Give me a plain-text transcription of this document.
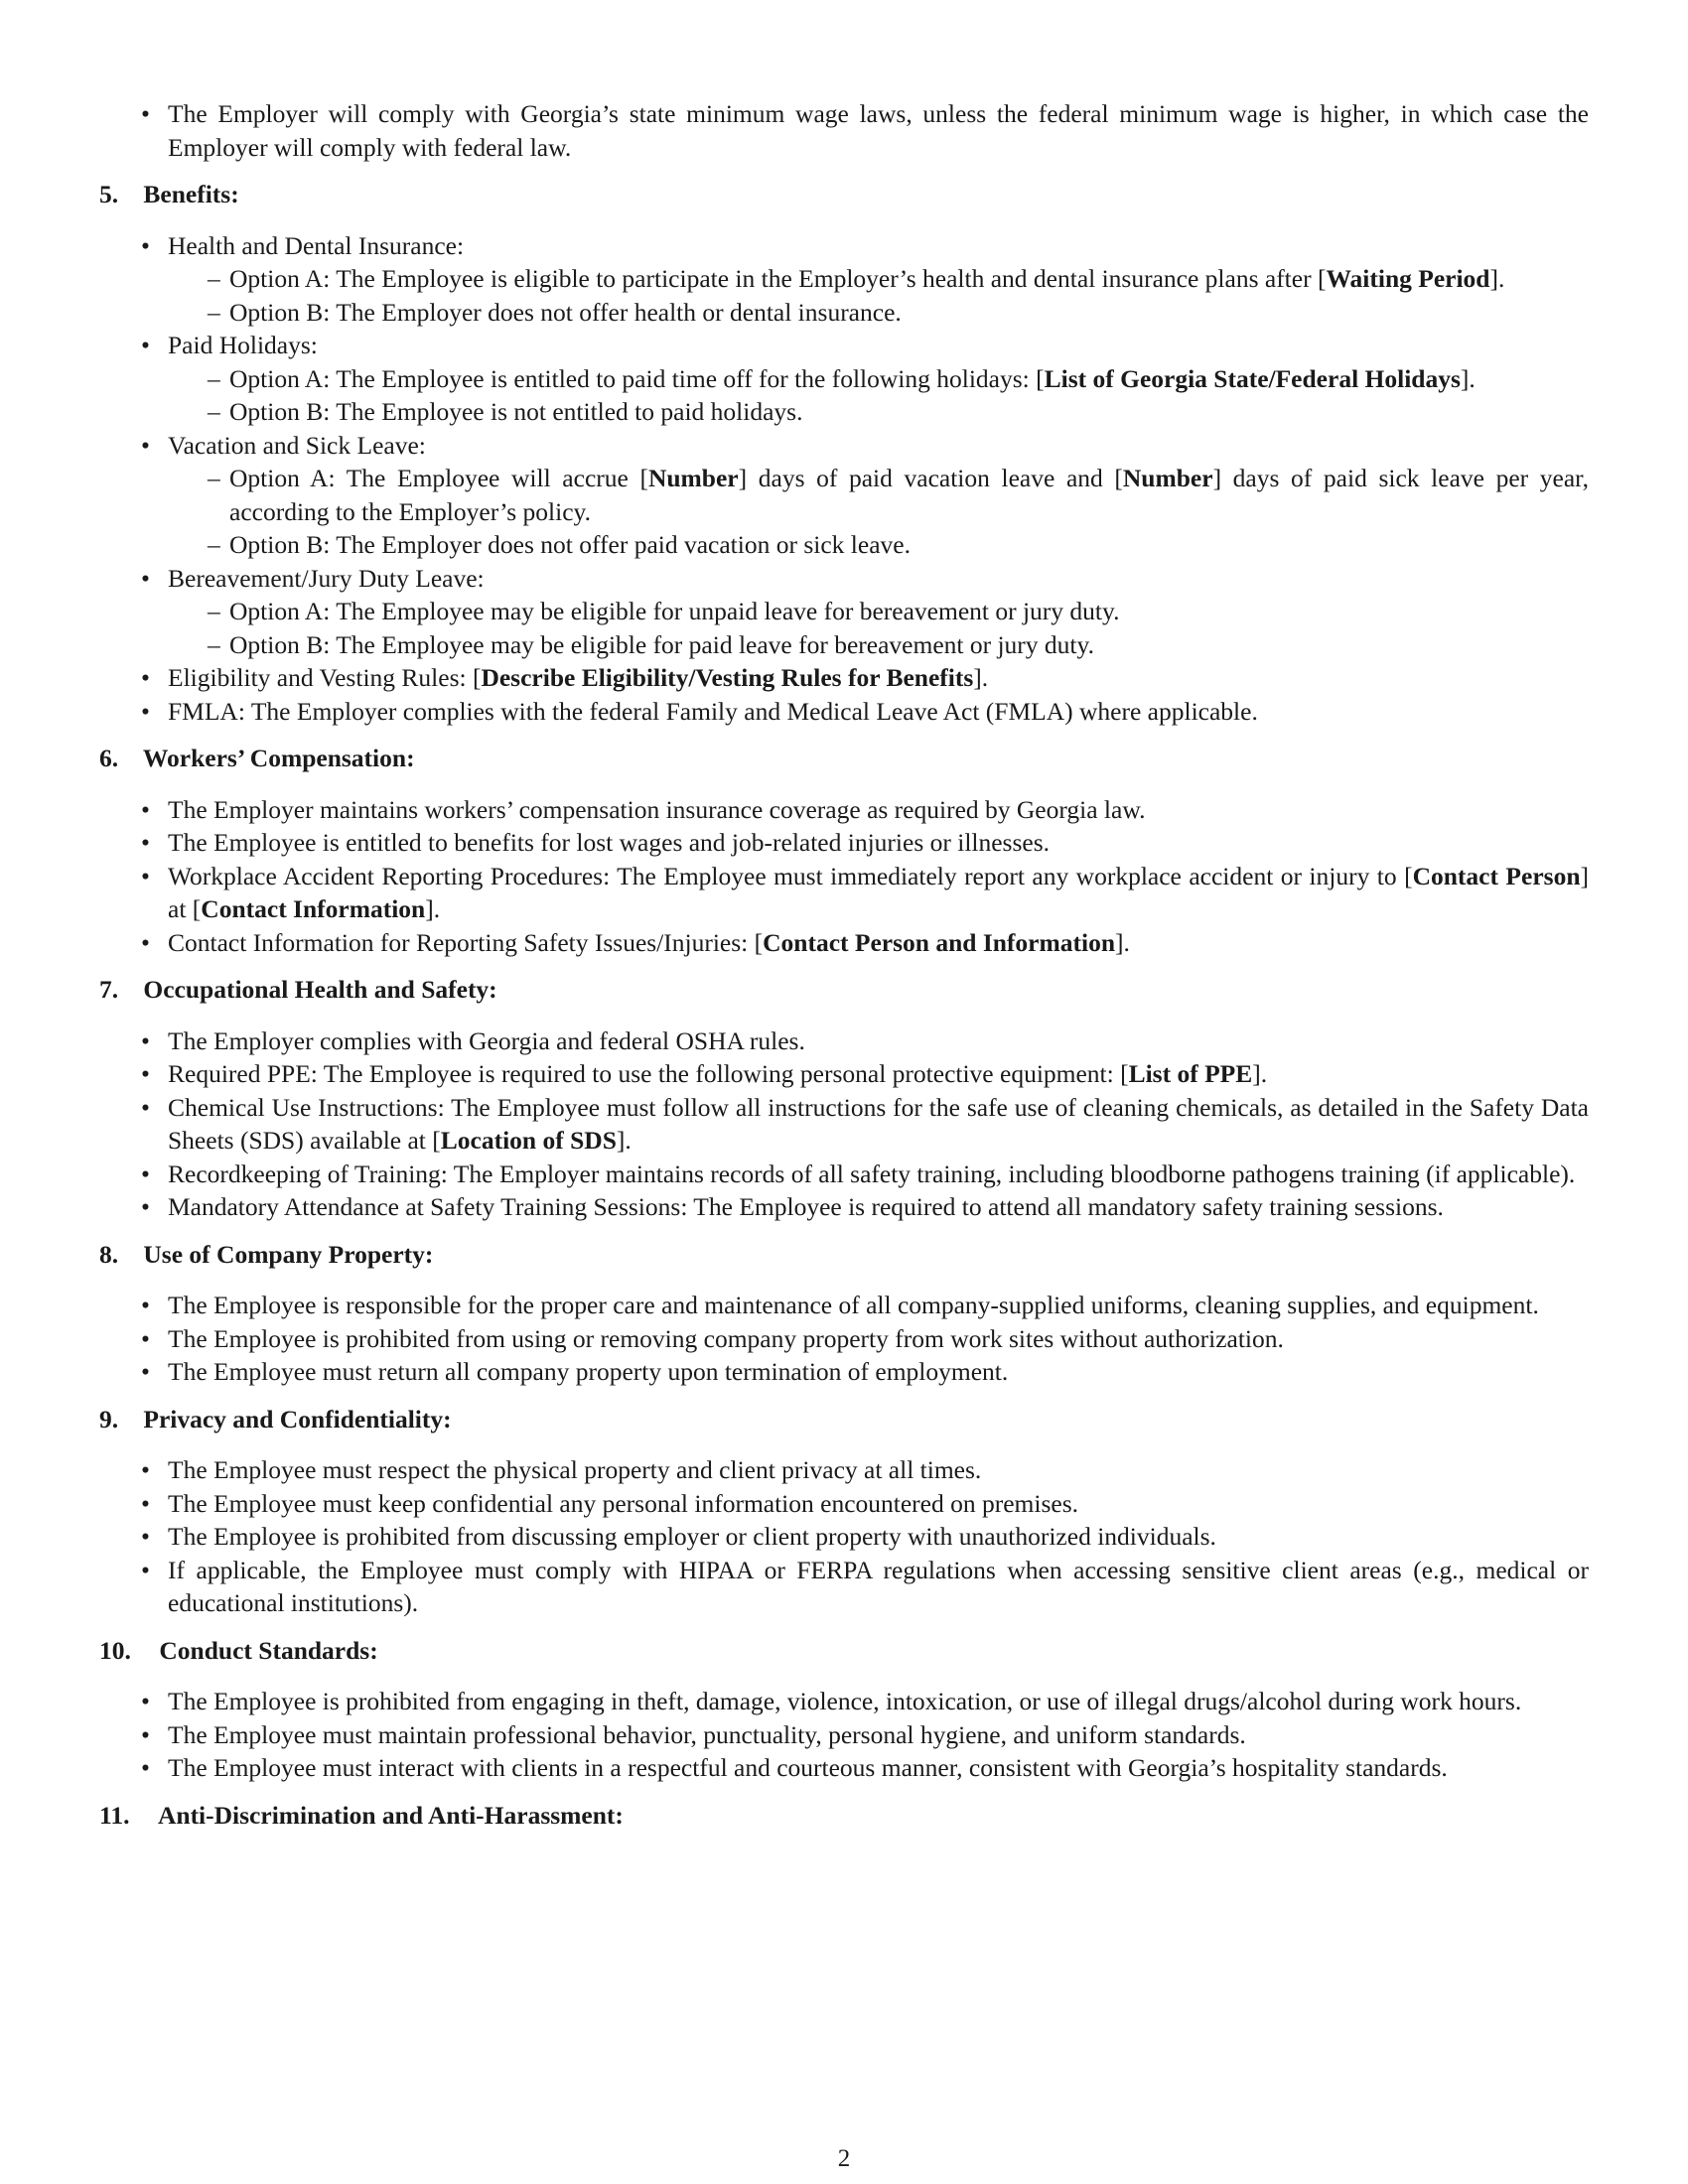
• The Employer will comply with Georgia’s state minimum wage laws, unless the federal minimum wage is higher, in which case the Employer will comply with federal law.
5. Benefits:
• Health and Dental Insurance:
– Option A: The Employee is eligible to participate in the Employer’s health and dental insurance plans after [Waiting Period].
– Option B: The Employer does not offer health or dental insurance.
• Paid Holidays:
– Option A: The Employee is entitled to paid time off for the following holidays: [List of Georgia State/Federal Holidays].
– Option B: The Employee is not entitled to paid holidays.
• Vacation and Sick Leave:
– Option A: The Employee will accrue [Number] days of paid vacation leave and [Number] days of paid sick leave per year, according to the Employer’s policy.
– Option B: The Employer does not offer paid vacation or sick leave.
• Bereavement/Jury Duty Leave:
– Option A: The Employee may be eligible for unpaid leave for bereavement or jury duty.
– Option B: The Employee may be eligible for paid leave for bereavement or jury duty.
• Eligibility and Vesting Rules: [Describe Eligibility/Vesting Rules for Benefits].
• FMLA: The Employer complies with the federal Family and Medical Leave Act (FMLA) where applicable.
6. Workers’ Compensation:
• The Employer maintains workers’ compensation insurance coverage as required by Georgia law.
• The Employee is entitled to benefits for lost wages and job-related injuries or illnesses.
• Workplace Accident Reporting Procedures: The Employee must immediately report any workplace accident or injury to [Contact Person] at [Contact Information].
• Contact Information for Reporting Safety Issues/Injuries: [Contact Person and Information].
7. Occupational Health and Safety:
• The Employer complies with Georgia and federal OSHA rules.
• Required PPE: The Employee is required to use the following personal protective equipment: [List of PPE].
• Chemical Use Instructions: The Employee must follow all instructions for the safe use of cleaning chemicals, as detailed in the Safety Data Sheets (SDS) available at [Location of SDS].
• Recordkeeping of Training: The Employer maintains records of all safety training, including bloodborne pathogens training (if applicable).
• Mandatory Attendance at Safety Training Sessions: The Employee is required to attend all mandatory safety training sessions.
8. Use of Company Property:
• The Employee is responsible for the proper care and maintenance of all company-supplied uniforms, cleaning supplies, and equipment.
• The Employee is prohibited from using or removing company property from work sites without authorization.
• The Employee must return all company property upon termination of employment.
9. Privacy and Confidentiality:
• The Employee must respect the physical property and client privacy at all times.
• The Employee must keep confidential any personal information encountered on premises.
• The Employee is prohibited from discussing employer or client property with unauthorized individuals.
• If applicable, the Employee must comply with HIPAA or FERPA regulations when accessing sensitive client areas (e.g., medical or educational institutions).
10. Conduct Standards:
• The Employee is prohibited from engaging in theft, damage, violence, intoxication, or use of illegal drugs/alcohol during work hours.
• The Employee must maintain professional behavior, punctuality, personal hygiene, and uniform standards.
• The Employee must interact with clients in a respectful and courteous manner, consistent with Georgia’s hospitality standards.
11. Anti-Discrimination and Anti-Harassment:
2
